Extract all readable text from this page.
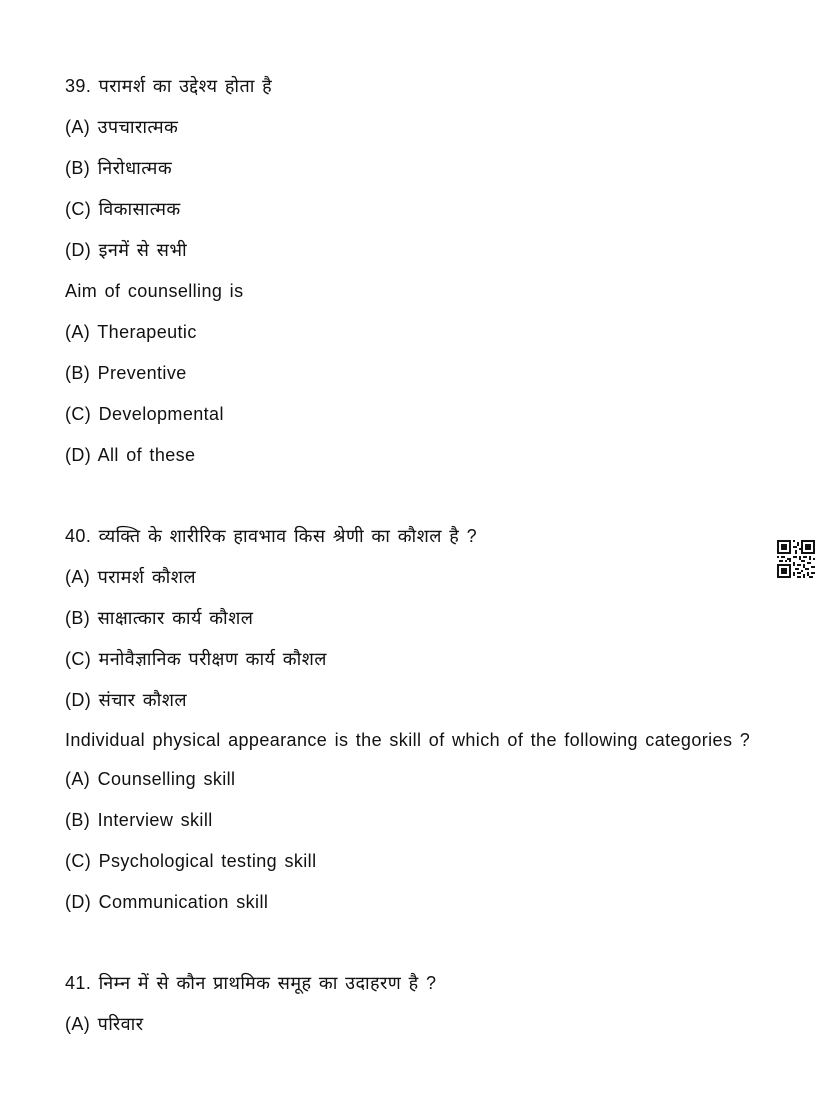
39. परामर्श का उद्देश्य होता है
(A) उपचारात्मक
(B) निरोधात्मक
(C) विकासात्मक
(D) इनमें से सभी
Aim of counselling is
(A) Therapeutic
(B) Preventive
(C) Developmental
(D) All of these
40. व्यक्ति के शारीरिक हावभाव किस श्रेणी का कौशल है ?
(A) परामर्श कौशल
(B) साक्षात्कार कार्य कौशल
(C) मनोवैज्ञानिक परीक्षण कार्य कौशल
(D) संचार कौशल
Individual physical appearance is the skill of which of the following categories ?
(A) Counselling skill
(B) Interview skill
(C) Psychological testing skill
(D) Communication skill
41. निम्न में से कौन प्राथमिक समूह का उदाहरण है ?
(A) परिवार
